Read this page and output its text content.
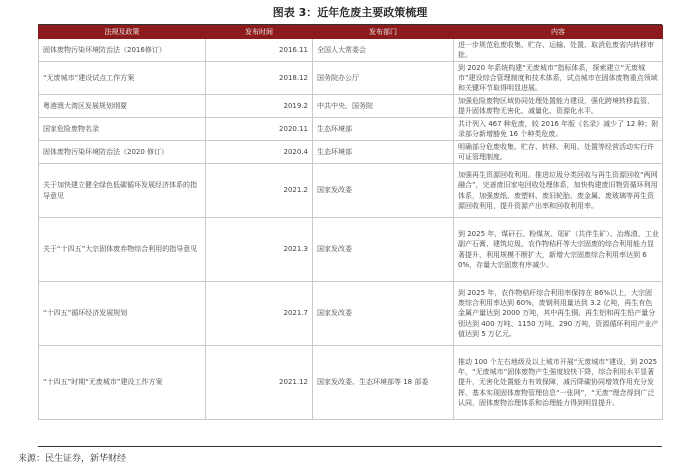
图表 3：近年危废主要政策梳理
法规及政策	发布时间	发布部门	内容
固体废物污染环境防治法（2016修订）	2016.11	全国人大常委会	进一步规范危废收集、贮存、运输、处置、取消危废省内转移审批。
“无废城市”建设试点工作方案	2018.12	国务院办公厅	到 2020 年系统构建“无废城市”指标体系，探索建立“无废城市”建设综合管理制度和技术体系，试点城市在固体废物重点领域和关键环节取得明显进展。
粤港澳大湾区发展规划纲要	2019.2	中共中央、国务院	加强危险废物区域协同处理处置能力建设，强化跨境转移监管，提升固体废物无害化、减量化、资源化水平。
国家危险废物名录	2020.11	生态环境部	共计列入 467 种危废，较 2016 年版《名录》减少了 12 种；附录部分新增豁免 16 个种类危废。
固体废物污染环境防治法（2020 修订）	2020.4	生态环境部	明确部分危废收集、贮存、转移、利用、处置等经营活动实行许可证管理制度。
关于加快建立健全绿色低碳循环发展经济体系的指导意见	2021.2	国家发改委	加强再生资源回收利用。推进垃圾分类回收与再生资源回收“两网融合”，完善废旧家电回收处理体系，加快构建废旧物资循环利用体系，加强废纸、废塑料、废旧轮胎、废金属、废玻璃等再生资源回收利用，提升资源产出率和回收利用率。
关于“十四五”大宗固体废弃物综合利用的指导意见	2021.3	国家发改委	到 2025 年，煤矸石、粉煤灰、尾矿（共伴生矿）、冶炼渣、工业副产石膏、建筑垃圾、农作物秸秆等大宗固废的综合利用能力显著提升，利用规模不断扩大，新增大宗固废综合利用率达到 60%，存量大宗固废有序减少。
“十四五”循环经济发展规划	2021.7	国家发改委	到 2025 年，农作物秸秆综合利用率保持在 86%以上，大宗固废综合利用率达到 60%，废钢利用量达到 3.2 亿吨，再生有色金属产量达到 2000 万吨，其中再生铜、再生铝和再生铅产量分别达到 400 万吨、1150 万吨、290 万吨，资源循环利用产业产值达到 5 万亿元。
“十四五”时期“无废城市”建设工作方案	2021.12	国家发改委、生态环境部等 18 部委	推动 100 个左右地级及以上城市开展“无废城市”建设，到 2025 年，“无废城市”固体废物产生强度较快下降，综合利用水平显著提升，无害化处置能力有效保障，减污降碳协同增效作用充分发挥，基本实现固体废物管理信息“一张网”，“无废”理念得到广泛认同，固体废物治理体系和治理能力得到明显提升。
来源：民生证券，新华财经
